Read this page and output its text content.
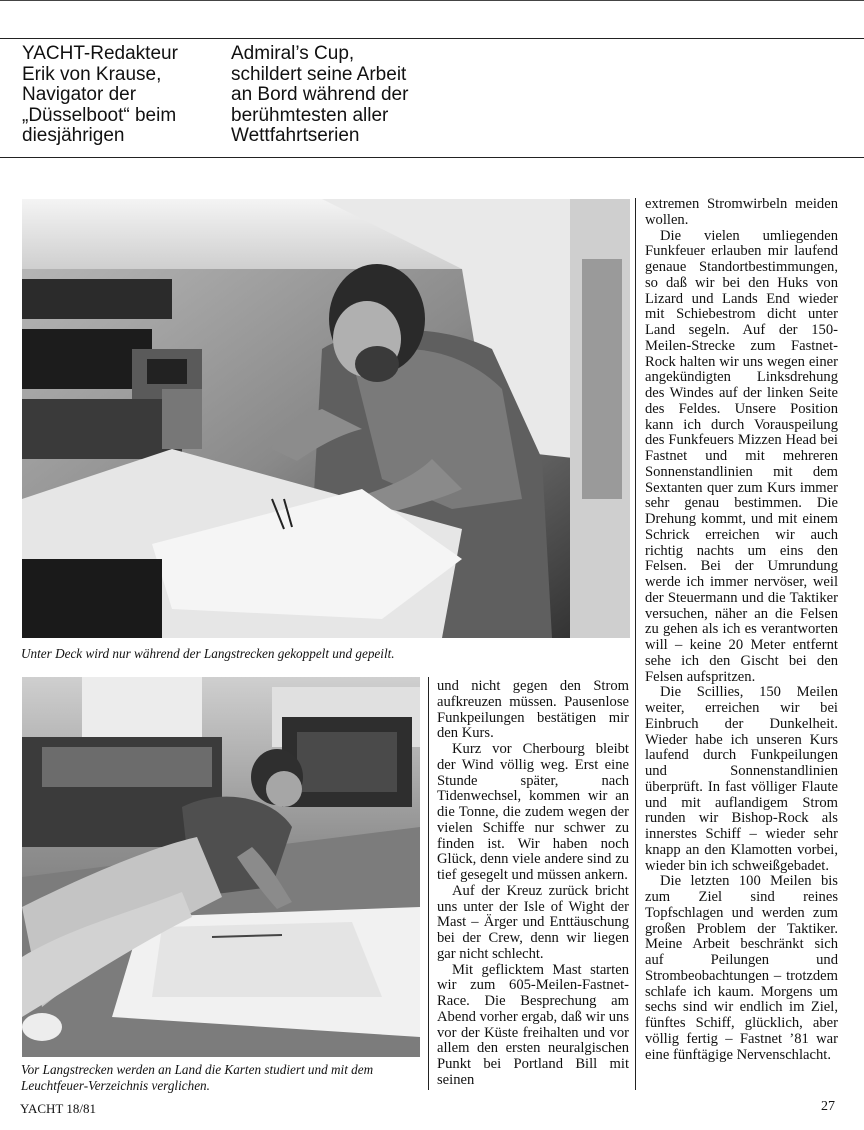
YACHT-Redakteur
Erik von Krause,
Navigator der
„Düsselboot“ beim
diesjährigen
Admiral’s Cup,
schildert seine Arbeit
an Bord während der
berühmtesten aller
Wettfahrtserien
Unter Deck wird nur während der Langstrecken gekoppelt und gepeilt.
Vor Langstrecken werden an Land die Karten studiert und mit dem Leuchtfeuer-Verzeichnis verglichen.

und nicht gegen den Strom aufkreuzen müssen. Pausenlose Funkpeilungen bestätigen mir den Kurs.

Kurz vor Cherbourg bleibt der Wind völlig weg. Erst eine Stunde später, nach Tidenwechsel, kommen wir an die Tonne, die zudem wegen der vielen Schiffe nur schwer zu finden ist. Wir haben noch Glück, denn viele andere sind zu tief gesegelt und müssen ankern.

Auf der Kreuz zurück bricht uns unter der Isle of Wight der Mast – Ärger und Enttäuschung bei der Crew, denn wir liegen gar nicht schlecht.

Mit geflicktem Mast starten wir zum 605-Meilen-Fastnet-Race. Die Besprechung am Abend vorher ergab, daß wir uns vor der Küste freihalten und vor allem den ersten neuralgischen Punkt bei Portland Bill mit seinen

extremen Stromwirbeln meiden wollen.

Die vielen umliegenden Funkfeuer erlauben mir laufend genaue Standortbestimmungen, so daß wir bei den Huks von Lizard und Lands End wieder mit Schiebestrom dicht unter Land segeln. Auf der 150-Meilen-Strecke zum Fastnet-Rock halten wir uns wegen einer angekündigten Linksdrehung des Windes auf der linken Seite des Feldes. Unsere Position kann ich durch Vorauspeilung des Funkfeuers Mizzen Head bei Fastnet und mit mehreren Sonnenstandlinien mit dem Sextanten quer zum Kurs immer sehr genau bestimmen. Die Drehung kommt, und mit einem Schrick erreichen wir auch richtig nachts um eins den Felsen. Bei der Umrundung werde ich immer nervöser, weil der Steuermann und die Taktiker versuchen, näher an die Felsen zu gehen als ich es verantworten will – keine 20 Meter entfernt sehe ich den Gischt bei den Felsen aufspritzen.

Die Scillies, 150 Meilen weiter, erreichen wir bei Einbruch der Dunkelheit. Wieder habe ich unseren Kurs laufend durch Funkpeilungen und Sonnenstandlinien überprüft. In fast völliger Flaute und mit auflandigem Strom runden wir Bishop-Rock als innerstes Schiff – wieder sehr knapp an den Klamotten vorbei, wieder bin ich schweißgebadet.

Die letzten 100 Meilen bis zum Ziel sind reines Topfschlagen und werden zum großen Problem der Taktiker. Meine Arbeit beschränkt sich auf Peilungen und Strombeobachtungen – trotzdem schlafe ich kaum. Morgens um sechs sind wir endlich im Ziel, fünftes Schiff, glücklich, aber völlig fertig – Fastnet ’81 war eine fünftägige Nervenschlacht.

YACHT 18/81	27
